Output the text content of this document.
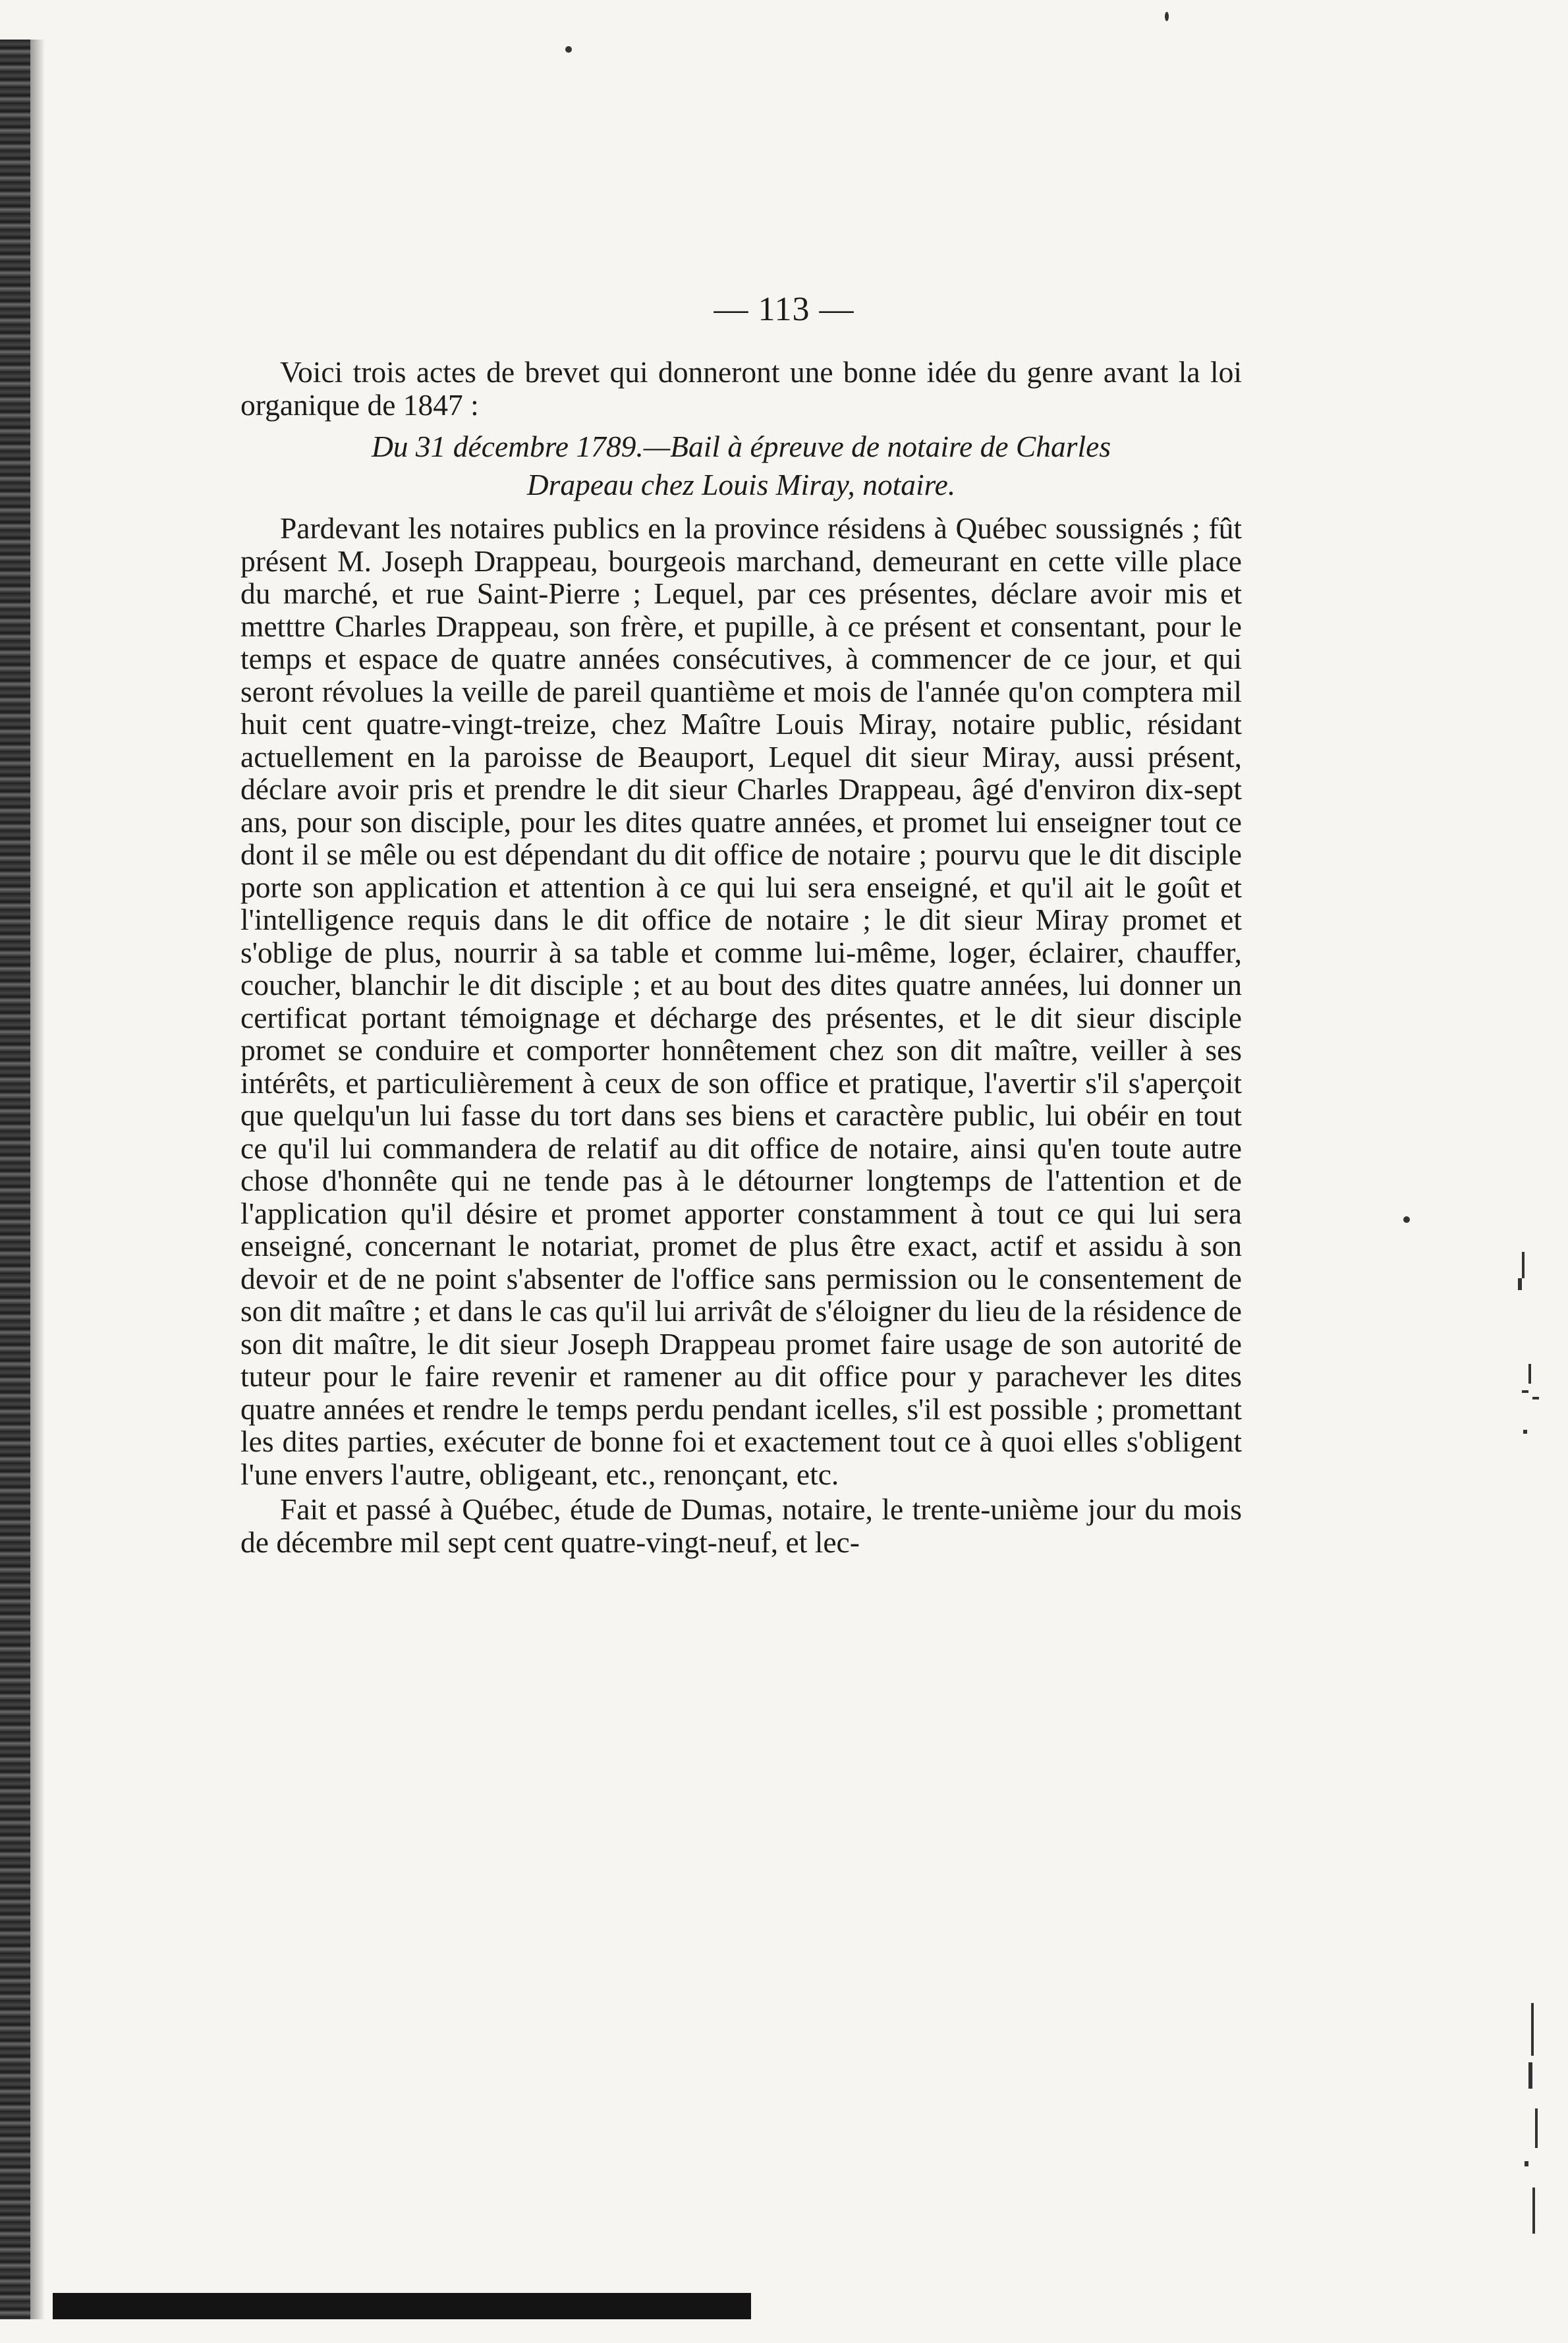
— 113 —

Voici trois actes de brevet qui donneront une bonne idée du genre avant la loi organique de 1847 :

Du 31 décembre 1789.—Bail à épreuve de notaire de Charles
Drapeau chez Louis Miray, notaire.

Pardevant les notaires publics en la province résidens à Québec soussignés ; fût présent M. Joseph Drappeau, bourgeois marchand, demeurant en cette ville place du marché, et rue Saint-Pierre ; Lequel, par ces présentes, déclare avoir mis et metttre Charles Drappeau, son frère, et pupille, à ce présent et consentant, pour le temps et espace de quatre années consécutives, à commencer de ce jour, et qui seront révolues la veille de pareil quantième et mois de l'année qu'on comptera mil huit cent quatre-vingt-treize, chez Maître Louis Miray, notaire public, résidant actuellement en la paroisse de Beauport, Lequel dit sieur Miray, aussi présent, déclare avoir pris et prendre le dit sieur Charles Drappeau, âgé d'environ dix-sept ans, pour son disciple, pour les dites quatre années, et promet lui enseigner tout ce dont il se mêle ou est dépendant du dit office de notaire ; pourvu que le dit disciple porte son application et attention à ce qui lui sera enseigné, et qu'il ait le goût et l'intelligence requis dans le dit office de notaire ; le dit sieur Miray promet et s'oblige de plus, nourrir à sa table et comme lui-même, loger, éclairer, chauffer, coucher, blanchir le dit disciple ; et au bout des dites quatre années, lui donner un certificat portant témoignage et décharge des présentes, et le dit sieur disciple promet se conduire et comporter honnêtement chez son dit maître, veiller à ses intérêts, et particulièrement à ceux de son office et pratique, l'avertir s'il s'aperçoit que quelqu'un lui fasse du tort dans ses biens et caractère public, lui obéir en tout ce qu'il lui commandera de relatif au dit office de notaire, ainsi qu'en toute autre chose d'honnête qui ne tende pas à le détourner longtemps de l'attention et de l'application qu'il désire et promet apporter constamment à tout ce qui lui sera enseigné, concernant le notariat, promet de plus être exact, actif et assidu à son devoir et de ne point s'absenter de l'office sans permission ou le consentement de son dit maître ; et dans le cas qu'il lui arrivât de s'éloigner du lieu de la résidence de son dit maître, le dit sieur Joseph Drappeau promet faire usage de son autorité de tuteur pour le faire revenir et ramener au dit office pour y parachever les dites quatre années et rendre le temps perdu pendant icelles, s'il est possible ; promettant les dites parties, exécuter de bonne foi et exactement tout ce à quoi elles s'obligent l'une envers l'autre, obligeant, etc., renonçant, etc.

Fait et passé à Québec, étude de Dumas, notaire, le trente-unième jour du mois de décembre mil sept cent quatre-vingt-neuf, et lec-
